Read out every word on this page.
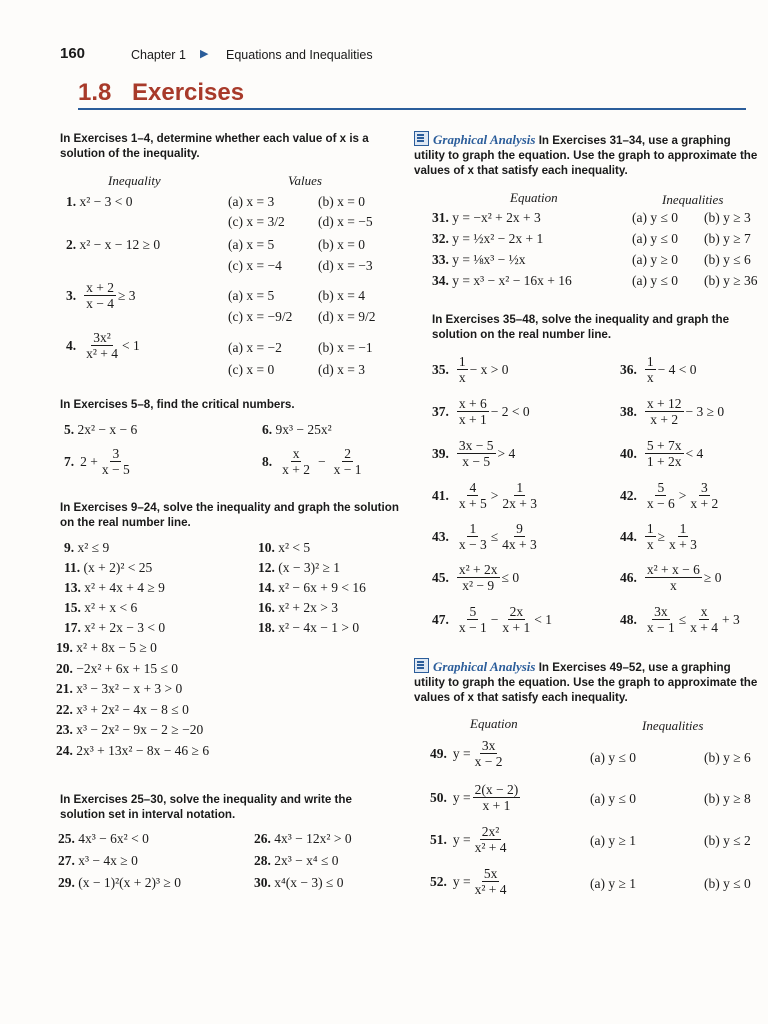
160	Chapter 1 ▶ Equations and Inequalities
1.8 Exercises
In Exercises 1–4, determine whether each value of x is a solution of the inequality.
Inequality	Values
1. x² − 3 < 0	(a) x = 3	(b) x = 0
(c) x = 3/2 (d) x = −5
2. x² − x − 12 ≥ 0	(a) x = 5	(b) x = 0
(c) x = −4	(d) x = −3
3. $\frac{x + 2}{x - 4} \ge 3$	(a) x = 5	(b) x = 4
(c) x = −9/2 (d) x = 9/2
4. $\frac{\text{3x²}}{\text{x² + 4}} < 1$	(a) x = −2	(b) x = −1
(c) x = 0	(d) x = 3
In Exercises 5–8, find the critical numbers.
5. 2x² − x − 6	6. 9x³ − 25x²
7. $2 + \frac{3}{x - 5}$	8. $\frac{x}{x + 2} - \frac{2}{x - 1}$
In Exercises 9–24, solve the inequality and graph the solution on the real number line.
9. x² ≤ 9	10. x² < 5
11. (x + 2)² < 25	12. (x − 3)² ≥ 1
13. x² + 4x + 4 ≥ 9	14. x² − 6x + 9 < 16
15. x² + x < 6	16. x² + 2x > 3
17. x² + 2x − 3 < 0	18. x² − 4x − 1 > 0
19. x² + 8x − 5 ≥ 0
20. −2x² + 6x + 15 ≤ 0
21. x³ − 3x² − x + 3 > 0
22. x³ + 2x² − 4x − 8 ≤ 0
23. x³ − 2x² − 9x − 2 ≥ −20
24. 2x³ + 13x² − 8x − 46 ≥ 6
In Exercises 25–30, solve the inequality and write the solution set in interval notation.
25. 4x³ − 6x² < 0	26. 4x³ − 12x² > 0
27. x³ − 4x ≥ 0	28. 2x³ − x⁴ ≤ 0
29. (x − 1)²(x + 2)³ ≥ 0	30. x⁴(x − 3) ≤ 0
Graphical Analysis In Exercises 31–34, use a graphing utility to graph the equation. Use the graph to approximate the values of x that satisfy each inequality.
Equation	Inequalities
31. y = −x² + 2x + 3	(a) y ≤ 0 (b) y ≥ 3
32. y = ½x² − 2x + 1	(a) y ≤ 0 (b) y ≥ 7
33. y = ⅛x³ − ½x	(a) y ≥ 0 (b) y ≤ 6
34. y = x³ − x² − 16x + 16	(a) y ≤ 0 (b) y ≥ 36
In Exercises 35–48, solve the inequality and graph the solution on the real number line.
35. $\frac{1}{x} - x > 0$	36. $\frac{1}{x} - 4 < 0$
37. $\frac{x + 6}{x + 1} - 2 < 0$	38. $\frac{x + 12}{x + 2} - 3 \ge 0$
39. $\frac{3x - 5}{x - 5} > 4$	40. $\frac{5 + 7x}{1 + 2x} < 4$
41. $\frac{4}{x + 5} > \frac{1}{2x + 3}$	42. $\frac{5}{x - 6} > \frac{3}{x + 2}$
43. $\frac{1}{x - 3} \le \frac{9}{4x + 3}$	44. $\frac{1}{x} \ge \frac{1}{x + 3}$
45. $\frac{\text{x² + 2x}}{\text{x² − 9}} \le 0$	46. $\frac{\text{x² + x − 6}}{x} \ge 0$
47. $\frac{5}{x - 1} - \frac{2x}{x + 1} < 1$	48. $\frac{3x}{x - 1} \le \frac{x}{x + 4} + 3$
Graphical Analysis In Exercises 49–52, use a graphing utility to graph the equation. Use the graph to approximate the values of x that satisfy each inequality.
Equation	Inequalities
49. $y = \frac{3x}{x - 2}$	(a) y ≤ 0	(b) y ≥ 6
50. $y = \frac{2(x - 2)}{x + 1}$	(a) y ≤ 0	(b) y ≥ 8
51. $y = \frac{\text{2x²}}{\text{x² + 4}}$	(a) y ≥ 1	(b) y ≤ 2
52. $y = \frac{5x}{\text{x² + 4}}$	(a) y ≥ 1	(b) y ≤ 0
